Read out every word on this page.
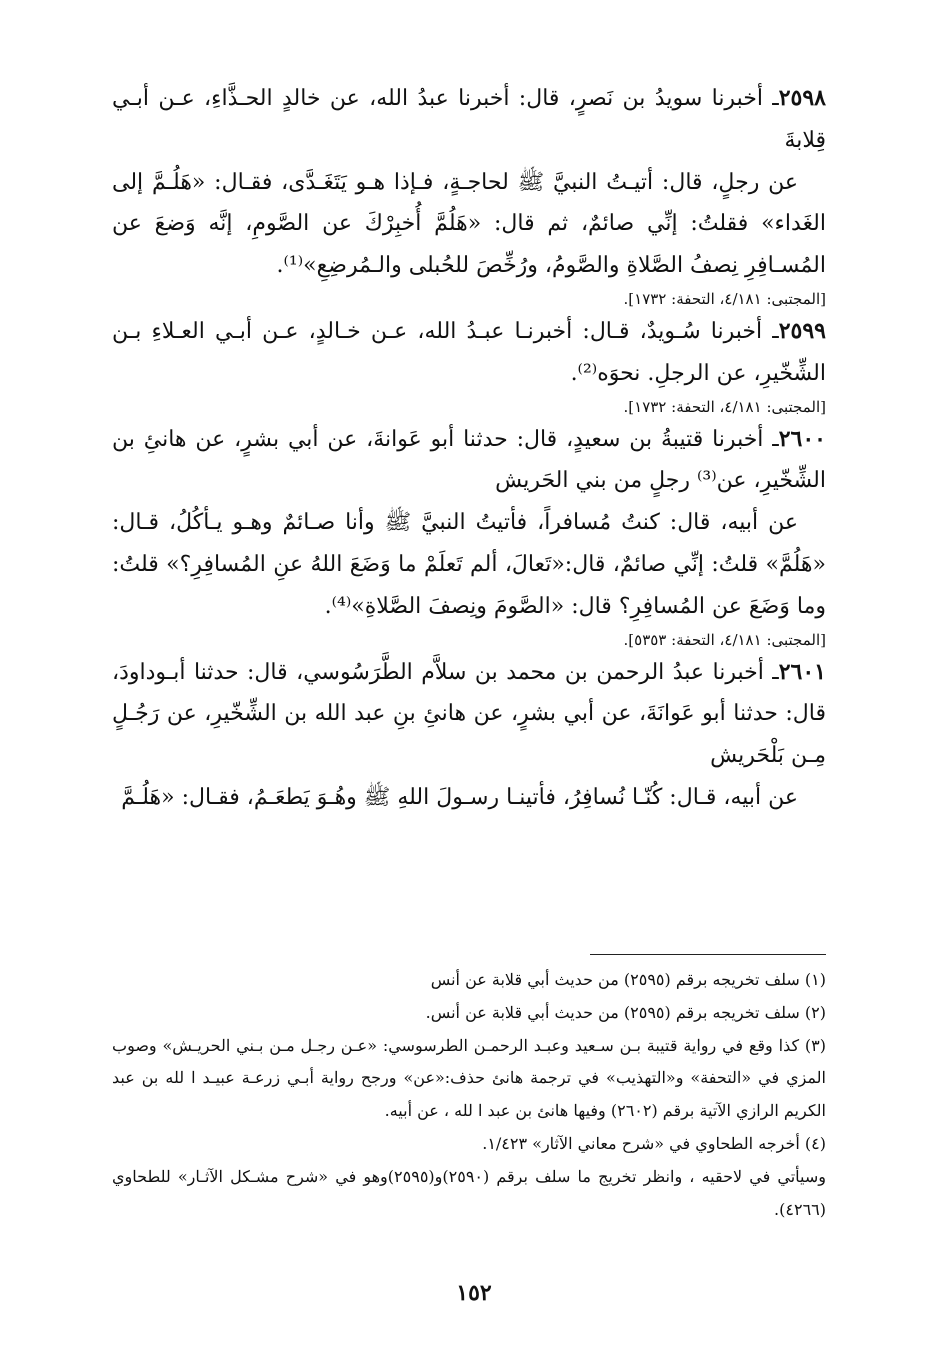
٢٥٩٨ـ أخبرنا سويدُ بن نَصرٍ، قال: أخبرنا عبدُ الله، عن خالدٍ الحـذَّاءِ، عـن أبـي قِلابةَ

عن رجلٍ، قال: أتيـتُ النبيَّ ﷺ لحاجـةٍ، فـإذا هـو يَتَغَـدَّى، فقـال: «هَلُـمَّ إلى الغَداء» فقلتُ: إنِّي صائمٌ، ثم قال: «هَلُمَّ أُخبِرْكَ عن الصَّومِ، إنَّه وَضعَ عن المُسـافِرِ نِصفُ الصَّلاةِ والصَّومُ، ورُخِّصَ للحُبلى والـمُرضِعِ»⁽¹⁾.

[المجتبى: ٤/١٨١، التحفة: ١٧٣٢].

٢٥٩٩ـ أخبرنا سُـويدٌ، قـال: أخبرنـا عبـدُ الله، عـن خـالدٍ، عـن أبـي العـلاءِ بـن الشِّخّيرِ، عن الرجلِ. نحوَه⁽²⁾.

[المجتبى: ٤/١٨١، التحفة: ١٧٣٢].

٢٦٠٠ـ أخبرنا قتيبةُ بن سعيدٍ، قال: حدثنا أبو عَوانةَ، عن أبي بشرٍ، عن هانئِ بن الشِّخّيرِ، عن⁽³⁾ رجلٍ من بني الحَريش

عن أبيه، قال: كنتُ مُسافراً، فأتيتُ النبيَّ ﷺ وأنا صـائمٌ وهـو يـأكُلُ، قـال: «هَلُمَّ» قلتُ: إنِّي صائمٌ، قال:«تَعالَ، ألم تَعلَمْ ما وَضَعَ اللهُ عنِ المُسافِرِ؟» قلتُ: وما وَضَعَ عن المُسافِرِ؟ قال: «الصَّومَ ونِصفَ الصَّلاةِ»⁽⁴⁾.

[المجتبى: ٤/١٨١، التحفة: ٥٣٥٣].

٢٦٠١ـ أخبرنا عبدُ الرحمن بن محمد بن سلاَّم الطَّرَسُوسي، قال: حدثنا أبـوداودَ، قال: حدثنا أبو عَوانَةَ، عن أبي بشرٍ، عن هانئِ بنِ عبد الله بن الشِّخّيرِ، عن رَجُـلٍ مِـن بَلْحَريش

عن أبيه، قـال: كُنّـا نُسافِرُ، فأتينـا رسـولَ اللهِ ﷺ وهُـوَ يَطعَـمُ، فقـال: «هَلُـمَّ

(١) سلف تخريجه برقم (٢٥٩٥) من حديث أبي قلابة عن أنس

(٢) سلف تخريجه برقم (٢٥٩٥) من حديث أبي قلابة عن أنس.

(٣) كذا وقع في رواية قتيبة بـن سـعيد وعبـد الرحمـن الطرسوسي: «عـن رجـل مـن بـني الحريـش» وصوب المزي في «التحفة» و«التهذيب» في ترجمة هانئ حذف:«عن» ورجح رواية أبـي زرعـة عبيـد ا لله بن عبد الكريم الرازي الآتية برقم (٢٦٠٢) وفيها هانئ بن عبد ا لله ، عن أبيه.

(٤) أخرجه الطحاوي في «شرح معاني الآثار» ١/٤٢٣.

وسيأتي في لاحقيه ، وانظر تخريج ما سلف برقم (٢٥٩٠)و(٢٥٩٥)وهو في «شرح مشـكل الآثـار» للطحاوي (٤٢٦٦).

١٥٢
